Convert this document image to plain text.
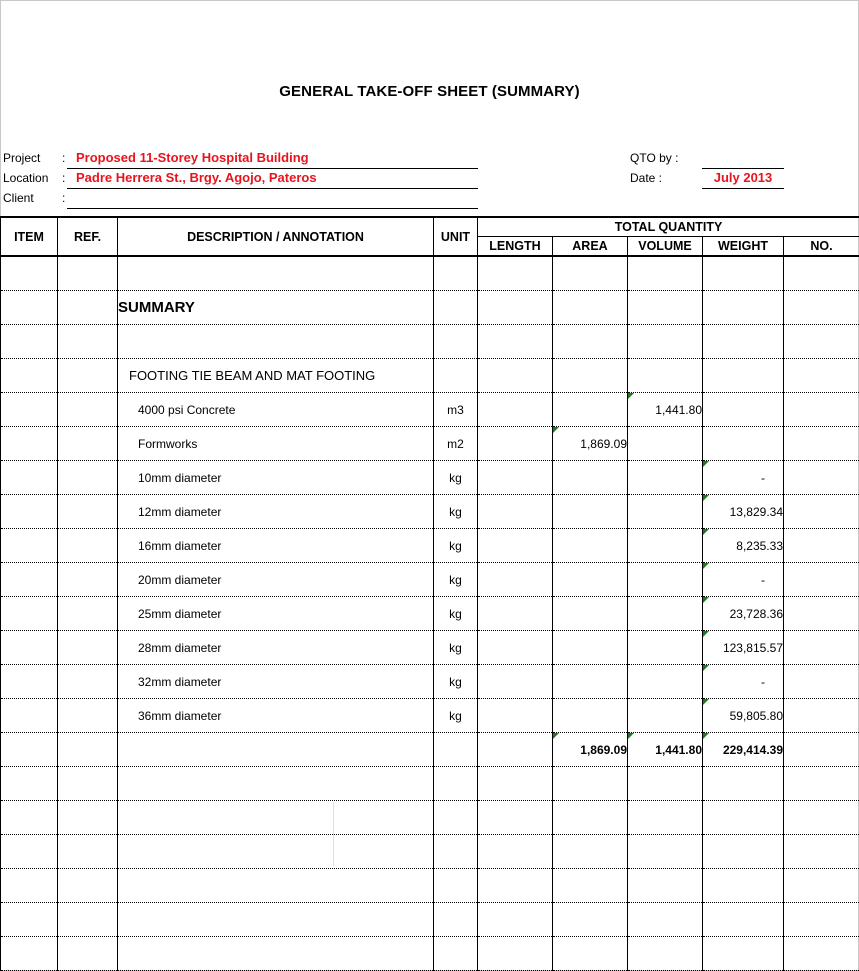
GENERAL TAKE-OFF SHEET (SUMMARY)
Project : Proposed 11-Storey Hospital Building
Location : Padre Herrera St., Brgy. Agojo, Pateros
Client :
QTO by :
Date :	July 2013
ITEM	REF.	DESCRIPTION / ANNOTATION	UNIT	TOTAL QUANTITY				
				LENGTH	AREA	VOLUME	WEIGHT	NO.

		SUMMARY						

		FOOTING TIE BEAM AND MAT FOOTING						
		4000 psi Concrete	m3			1,441.80		
		Formworks	m2		1,869.09			
		10mm diameter	kg				-	
		12mm diameter	kg				13,829.34	
		16mm diameter	kg				8,235.33	
		20mm diameter	kg				-	
		25mm diameter	kg				23,728.36	
		28mm diameter	kg				123,815.57	
		32mm diameter	kg				-	
		36mm diameter	kg				59,805.80	
					1,869.09	1,441.80	229,414.39	
